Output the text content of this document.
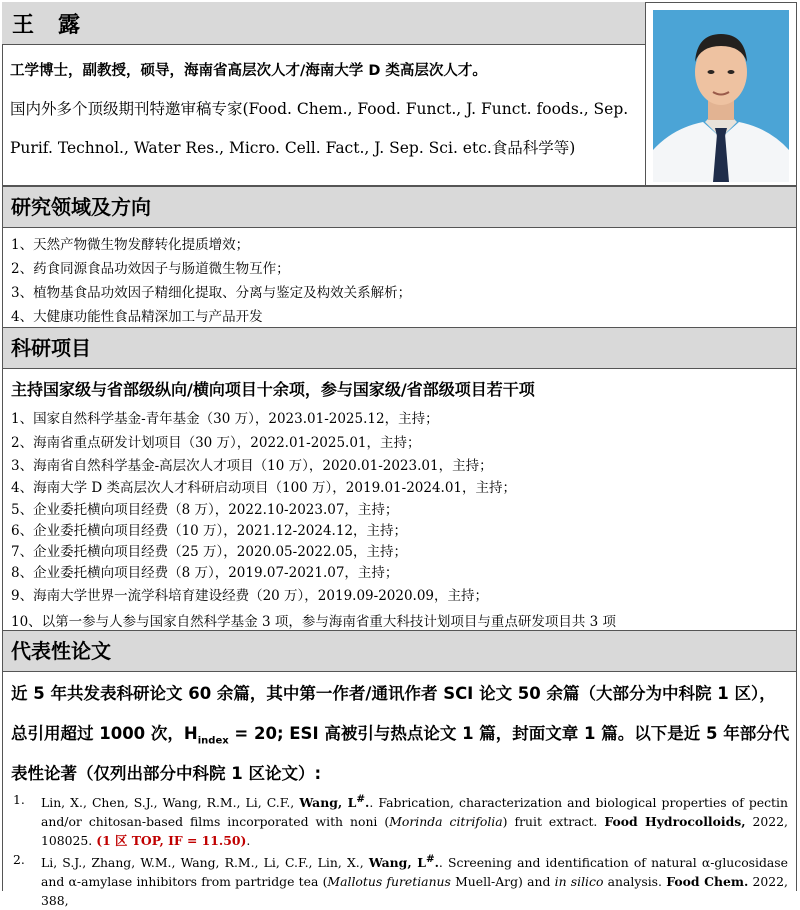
王露
工学博士，副教授，硕导，海南省高层次人才/海南大学 D 类高层次人才。
国内外多个顶级期刊特邀审稿专家(Food. Chem., Food. Funct., J. Funct. foods., Sep.
Purif. Technol., Water Res., Micro. Cell. Fact., J. Sep. Sci. etc.食品科学等)
研究领域及方向
1、天然产物微生物发酵转化提质增效；
2、药食同源食品功效因子与肠道微生物互作；
3、植物基食品功效因子精细化提取、分离与鉴定及构效关系解析；
4、大健康功能性食品精深加工与产品开发
科研项目
主持国家级与省部级纵向/横向项目十余项，参与国家级/省部级项目若干项
1、国家自然科学基金-青年基金（30 万），2023.01-2025.12，主持；
2、海南省重点研发计划项目（30 万），2022.01-2025.01，主持；
3、海南省自然科学基金-高层次人才项目（10 万），2020.01-2023.01，主持；
4、海南大学 D 类高层次人才科研启动项目（100 万），2019.01-2024.01，主持；
5、企业委托横向项目经费（8 万），2022.10-2023.07，主持；
6、企业委托横向项目经费（10 万），2021.12-2024.12，主持；
7、企业委托横向项目经费（25 万），2020.05-2022.05，主持；
8、企业委托横向项目经费（8 万），2019.07-2021.07，主持；
9、海南大学世界一流学科培育建设经费（20 万），2019.09-2020.09，主持；
10、以第一参与人参与国家自然科学基金 3 项，参与海南省重大科技计划项目与重点研发项目共 3 项
代表性论文
近 5 年共发表科研论文 60 余篇，其中第一作者/通讯作者 SCI 论文 50 余篇（大部分为中科院 1 区），
总引用超过 1000 次，$H_{index} = 20$; ESI 高被引与热点论文 1 篇，封面文章 1 篇。以下是近 5 年部分代
表性论著（仅列出部分中科院 1 区论文）:
1. Lin, X., Chen, S.J., Wang, R.M., Li, C.F., Wang, L#.. Fabrication, characterization and biological properties of pectin and/or chitosan-based films incorporated with noni (Morinda citrifolia) fruit extract. Food Hydrocolloids, 2022, 108025. (1 区 TOP, IF = 11.50).
2. Li, S.J., Zhang, W.M., Wang, R.M., Li, C.F., Lin, X., Wang, L#.. Screening and identification of natural α-glucosidase and α-amylase inhibitors from partridge tea (Mallotus furetianus Muell-Arg) and in silico analysis. Food Chem. 2022, 388,
